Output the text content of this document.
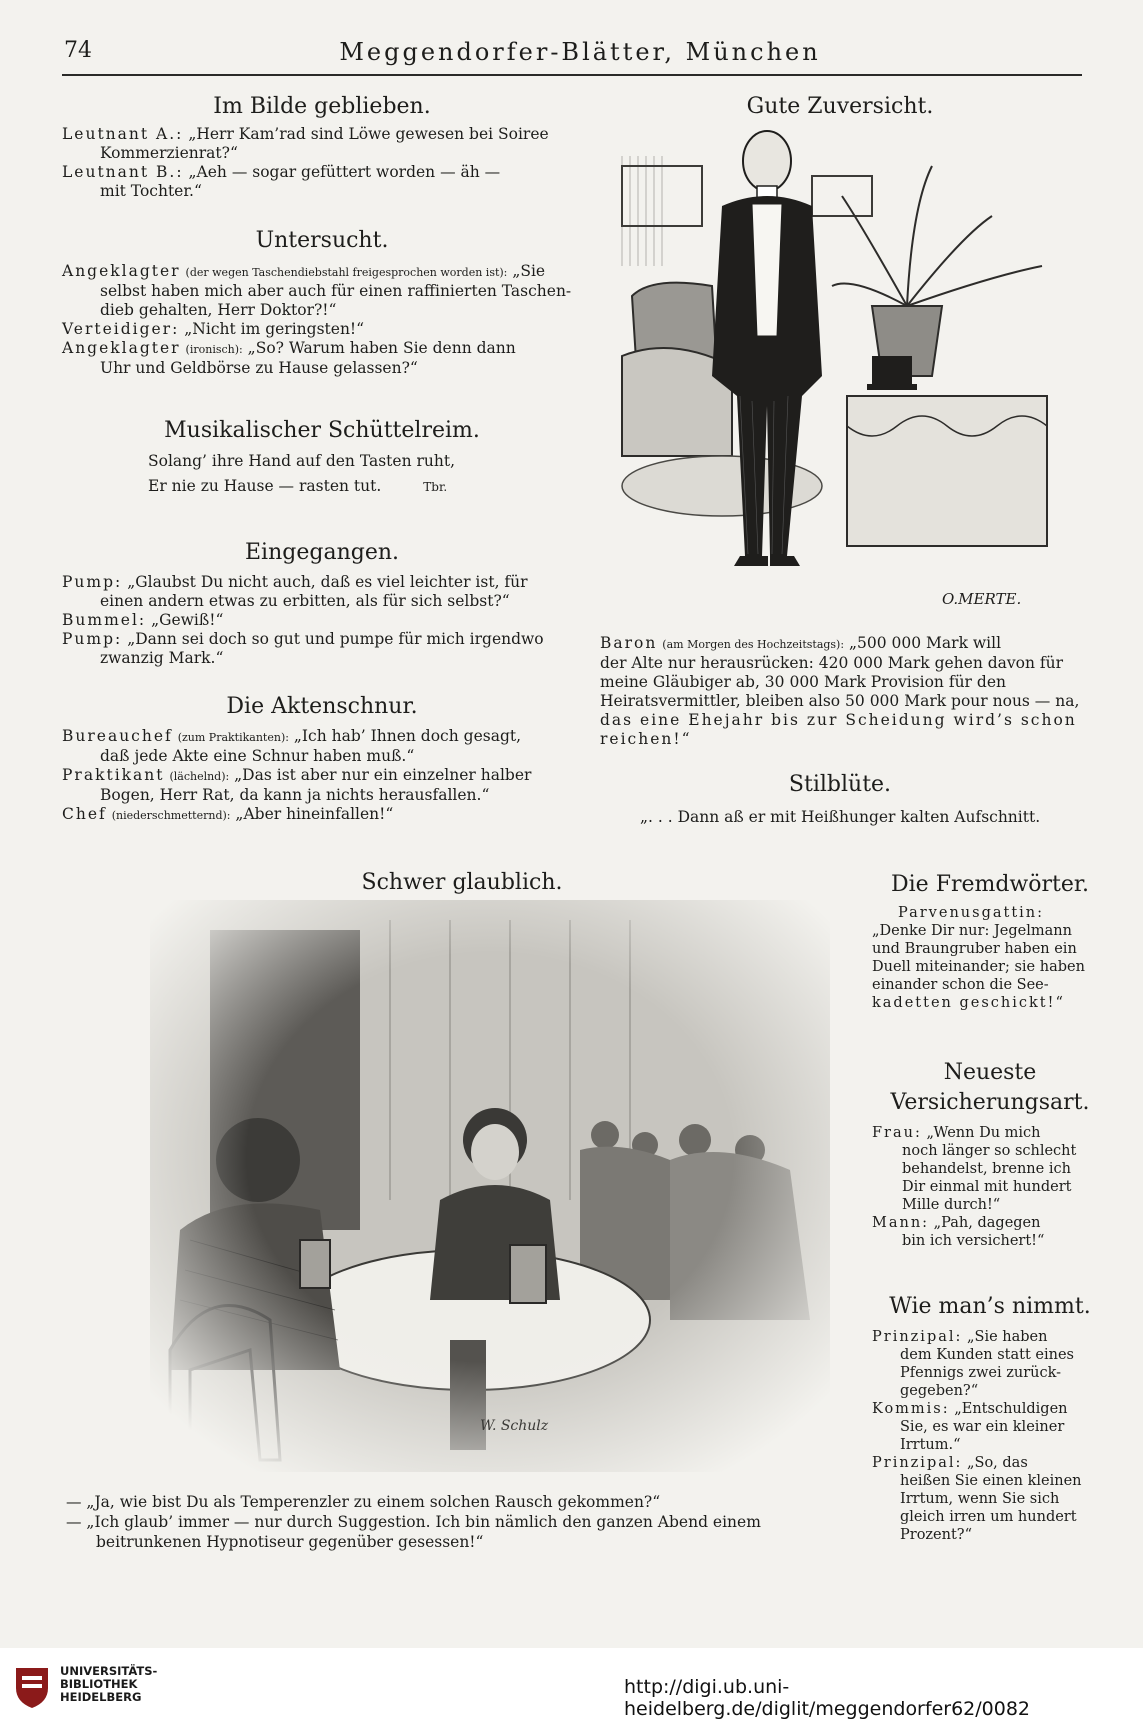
74	Meggendorfer-Blätter, München
Im Bilde geblieben.

Leutnant A.: „Herr Kam’rad sind Löwe gewesen bei Soiree

Kommerzienrat?“

Leutnant B.: „Aeh — sogar gefüttert worden — äh —

mit Tochter.“

Untersucht.

Angeklagter (der wegen Taschendiebstahl freigesprochen worden ist): „Sie

selbst haben mich aber auch für einen raffinierten Taschen-

dieb gehalten, Herr Doktor?!“

Verteidiger: „Nicht im geringsten!“

Angeklagter (ironisch): „So? Warum haben Sie denn dann

Uhr und Geldbörse zu Hause gelassen?“

Musikalischer Schüttelreim.

Solang’ ihre Hand auf den Tasten ruht,

Er nie zu Hause — rasten tut.	Tbr.

Eingegangen.

Pump: „Glaubst Du nicht auch, daß es viel leichter ist, für

einen andern etwas zu erbitten, als für sich selbst?“

Bummel: „Gewiß!“

Pump: „Dann sei doch so gut und pumpe für mich irgendwo

zwanzig Mark.“

Die Aktenschnur.

Bureauchef (zum Praktikanten): „Ich hab’ Ihnen doch gesagt,

daß jede Akte eine Schnur haben muß.“

Praktikant (lächelnd): „Das ist aber nur ein einzelner halber

Bogen, Herr Rat, da kann ja nichts herausfallen.“

Chef (niederschmetternd): „Aber hineinfallen!“

Gute Zuversicht.
O.MERTE.

Baron (am Morgen des Hochzeitstags): „500 000 Mark will

der Alte nur herausrücken: 420 000 Mark gehen davon für

meine Gläubiger ab, 30 000 Mark Provision für den

Heiratsvermittler, bleiben also 50 000 Mark pour nous — na,

das eine Ehejahr bis zur Scheidung wird’s schon

reichen!“

Stilblüte.
„. . . Dann aß er mit Heißhunger kalten Aufschnitt.
Schwer glaublich.
W. Schulz

— „Ja, wie bist Du als Temperenzler zu einem solchen Rausch gekommen?“

— „Ich glaub’ immer — nur durch Suggestion. Ich bin nämlich den ganzen Abend einem

beitrunkenen Hypnotiseur gegenüber gesessen!“

Die Fremdwörter.

Parvenusgattin:

„Denke Dir nur: Jegelmann

und Braungruber haben ein

Duell miteinander; sie haben

einander schon die See-

kadetten geschickt!“

Neueste
Versicherungsart.

Frau: „Wenn Du mich

noch länger so schlecht

behandelst, brenne ich

Dir einmal mit hundert

Mille durch!“

Mann: „Pah, dagegen

bin ich versichert!“

Wie man’s nimmt.

Prinzipal: „Sie haben

dem Kunden statt eines

Pfennigs zwei zurück-

gegeben?“

Kommis: „Entschuldigen

Sie, es war ein kleiner

Irrtum.“

Prinzipal: „So, das

heißen Sie einen kleinen

Irrtum, wenn Sie sich

gleich irren um hundert

Prozent?“

UNIVERSITÄTS-
BIBLIOTHEK
HEIDELBERG	http://digi.ub.uni-heidelberg.de/diglit/meggendorfer62/0082
